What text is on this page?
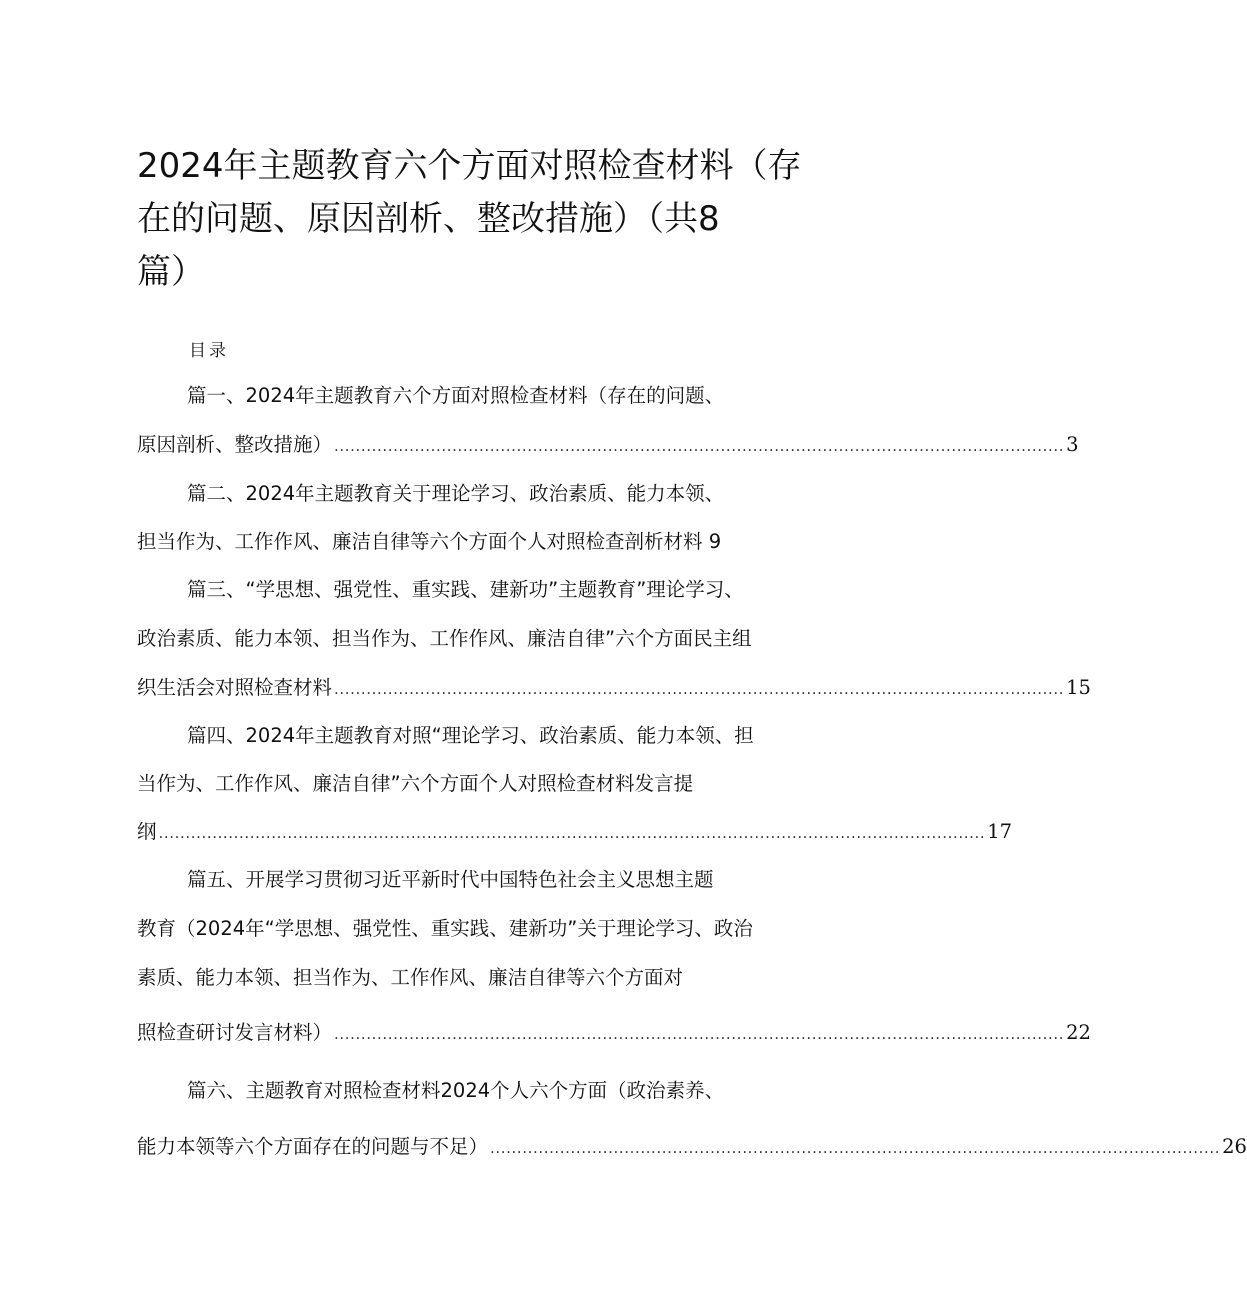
2024年主题教育六个方面对照检查材料（存
在的问题、原因剖析、整改措施）（共8
篇）
目录
篇一、2024年主题教育六个方面对照检查材料（存在的问题、
原因剖析、整改措施） ........................................................................................................................................ 3
篇二、2024年主题教育关于理论学习、政治素质、能力本领、
担当作为、工作作风、廉洁自律等六个方面个人对照检查剖析材料 9
篇三、“学思想、强党性、重实践、建新功”主题教育”理论学习、
政治素质、能力本领、担当作为、工作作风、廉洁自律”六个方面民主组
织生活会对照检查材料 ........................................................................................................................................ 15
篇四、2024年主题教育对照“理论学习、政治素质、能力本领、担
当作为、工作作风、廉洁自律”六个方面个人对照检查材料发言提
纲 .......................................................................................................................................................... 17
篇五、开展学习贯彻习近平新时代中国特色社会主义思想主题
教育（2024年“学思想、强党性、重实践、建新功”关于理论学习、政治
素质、能力本领、担当作为、工作作风、廉洁自律等六个方面对
照检查研讨发言材料） ........................................................................................................................................ 22
篇六、主题教育对照检查材料2024个人六个方面（政治素养、
能力本领等六个方面存在的问题与不足） ........................................................................................................................................ 26
